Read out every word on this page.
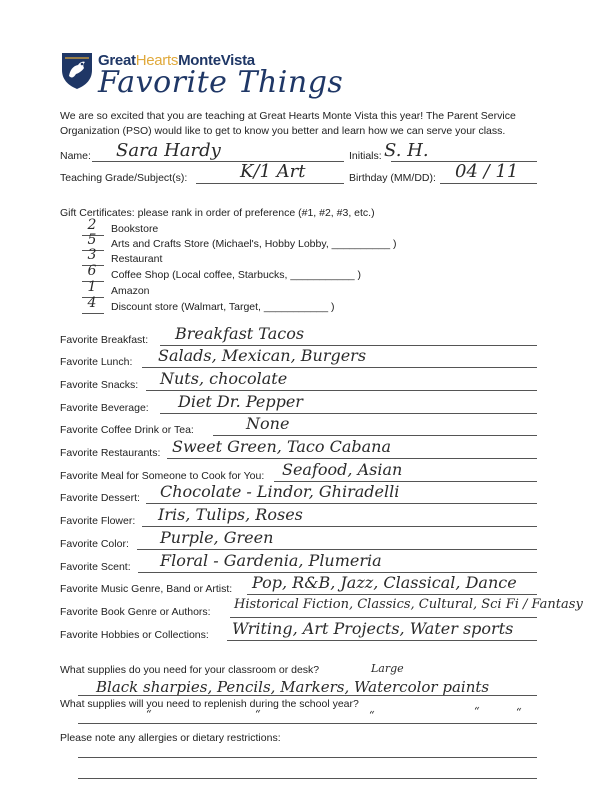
GreatHeartsMonteVista
Favorite Things
We are so excited that you are teaching at Great Hearts Monte Vista this year! The Parent Service Organization (PSO) would like to get to know you better and learn how we can serve your class.
Name: Sara Hardy	Initials: S. H.
Teaching Grade/Subject(s):	K/1 Art	Birthday (MM/DD): 04 / 11
Gift Certificates: please rank in order of preference (#1, #2, #3, etc.)
2	Bookstore
5	Arts and Crafts Store (Michael's, Hobby Lobby, __________ )
3	Restaurant
6	Coffee Shop (Local coffee, Starbucks, ___________ )
1	Amazon
4	Discount store (Walmart, Target, ___________ )
Favorite Breakfast: Breakfast Tacos
Favorite Lunch: Salads, Mexican, Burgers
Favorite Snacks: Nuts, chocolate
Favorite Beverage: Diet Dr. Pepper
Favorite Coffee Drink or Tea:	None
Favorite Restaurants: Sweet Green, Taco Cabana
Favorite Meal for Someone to Cook for You: Seafood, Asian
Favorite Dessert: Chocolate - Lindor, Ghiradelli
Favorite Flower: Iris, Tulips, Roses
Favorite Color: Purple, Green
Favorite Scent: Floral - Gardenia, Plumeria
Favorite Music Genre, Band or Artist: Pop, R&B, Jazz, Classical, Dance
Favorite Book Genre or Authors: Historical Fiction, Classics, Cultural, Sci Fi / Fantasy
Favorite Hobbies or Collections: Writing, Art Projects, Water sports
What supplies do you need for your classroom or desk?	Large
Black sharpies, Pencils, Markers, Watercolor paints
What supplies will you need to replenish during the school year?
“	“	“	“	“
Please note any allergies or dietary restrictions:
